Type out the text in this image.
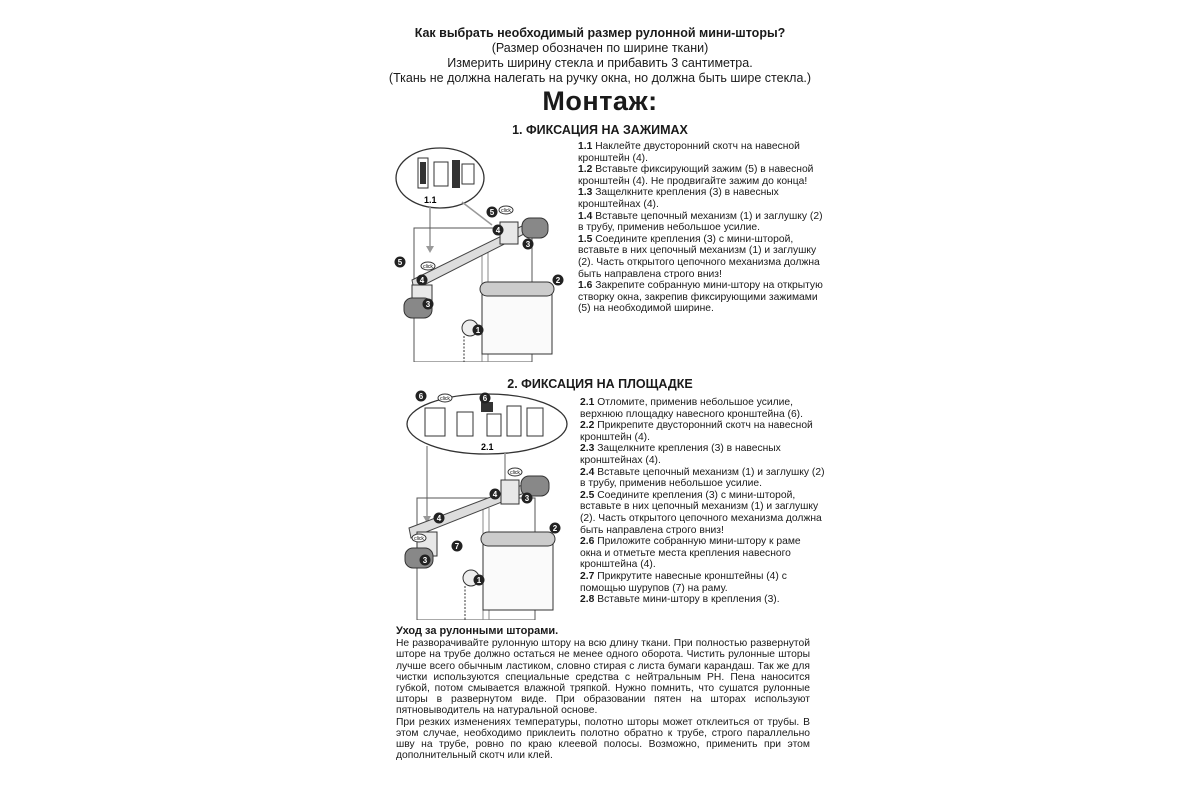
Как выбрать необходимый размер рулонной мини-шторы?
(Размер обозначен по ширине ткани)
Измерить ширину стекла и прибавить 3 сантиметра.
(Ткань не должна налегать на ручку окна, но должна быть шире стекла.)
Монтаж:
1. ФИКСАЦИЯ НА ЗАЖИМАХ
1.1
5
4
3
5
4
3
2
1
click
click

1.1 Наклейте двусторонний скотч на навесной кронштейн (4).

1.2 Вставьте фиксирующий зажим (5) в навесной кронштейн (4). Не продвигайте зажим до конца!

1.3 Защелкните крепления (3) в навесных кронштейнах (4).

1.4 Вставьте цепочный механизм (1) и заглушку (2) в трубу, применив небольшое усилие.

1.5 Соедините крепления (3) с мини-шторой, вставьте в них цепочный механизм (1) и заглушку (2). Часть открытого цепочного механизма должна быть направлена строго вниз!

1.6 Закрепите собранную мини-штору на открытую створку окна, закрепив фиксирующими зажимами (5) на необходимой ширине.

2. ФИКСАЦИЯ НА ПЛОЩАДКЕ
2.1
6	6
4
4	3
3
7
2
1
click
click
click

2.1 Отломите, применив небольшое усилие, верхнюю площадку навесного кронштейна (6).

2.2 Прикрепите двусторонний скотч на навесной кронштейн (4).

2.3 Защелкните крепления (3) в навесных кронштейнах (4).

2.4 Вставьте цепочный механизм (1) и заглушку (2) в трубу, применив небольшое усилие.

2.5 Соедините крепления (3) с мини-шторой, вставьте в них цепочный механизм (1) и заглушку (2). Часть открытого цепочного механизма должна быть направлена строго вниз!

2.6 Приложите собранную мини-штору к раме окна и отметьте места крепления навесного кронштейна (4).

2.7 Прикрутите навесные кронштейны (4) с помощью шурупов (7) на раму.

2.8 Вставьте мини-штору в крепления (3).

Уход за рулонными шторами.

Не разворачивайте рулонную штору на всю длину ткани. При полностью развернутой шторе на трубе должно остаться не менее одного оборота. Чистить рулонные шторы лучше всего обычным ластиком, словно стирая с листа бумаги карандаш. Так же для чистки используются специальные средства с нейтральным PH. Пена наносится губкой, потом смывается влажной тряпкой. Нужно помнить, что сушатся рулонные шторы в развернутом виде. При образовании пятен на шторах используют пятновыводитель на натуральной основе.

При резких изменениях температуры, полотно шторы может отклеиться от трубы. В этом случае, необходимо приклеить полотно обратно к трубе, строго параллельно шву на трубе, ровно по краю клеевой полосы. Возможно, применить при этом дополнительный скотч или клей.
